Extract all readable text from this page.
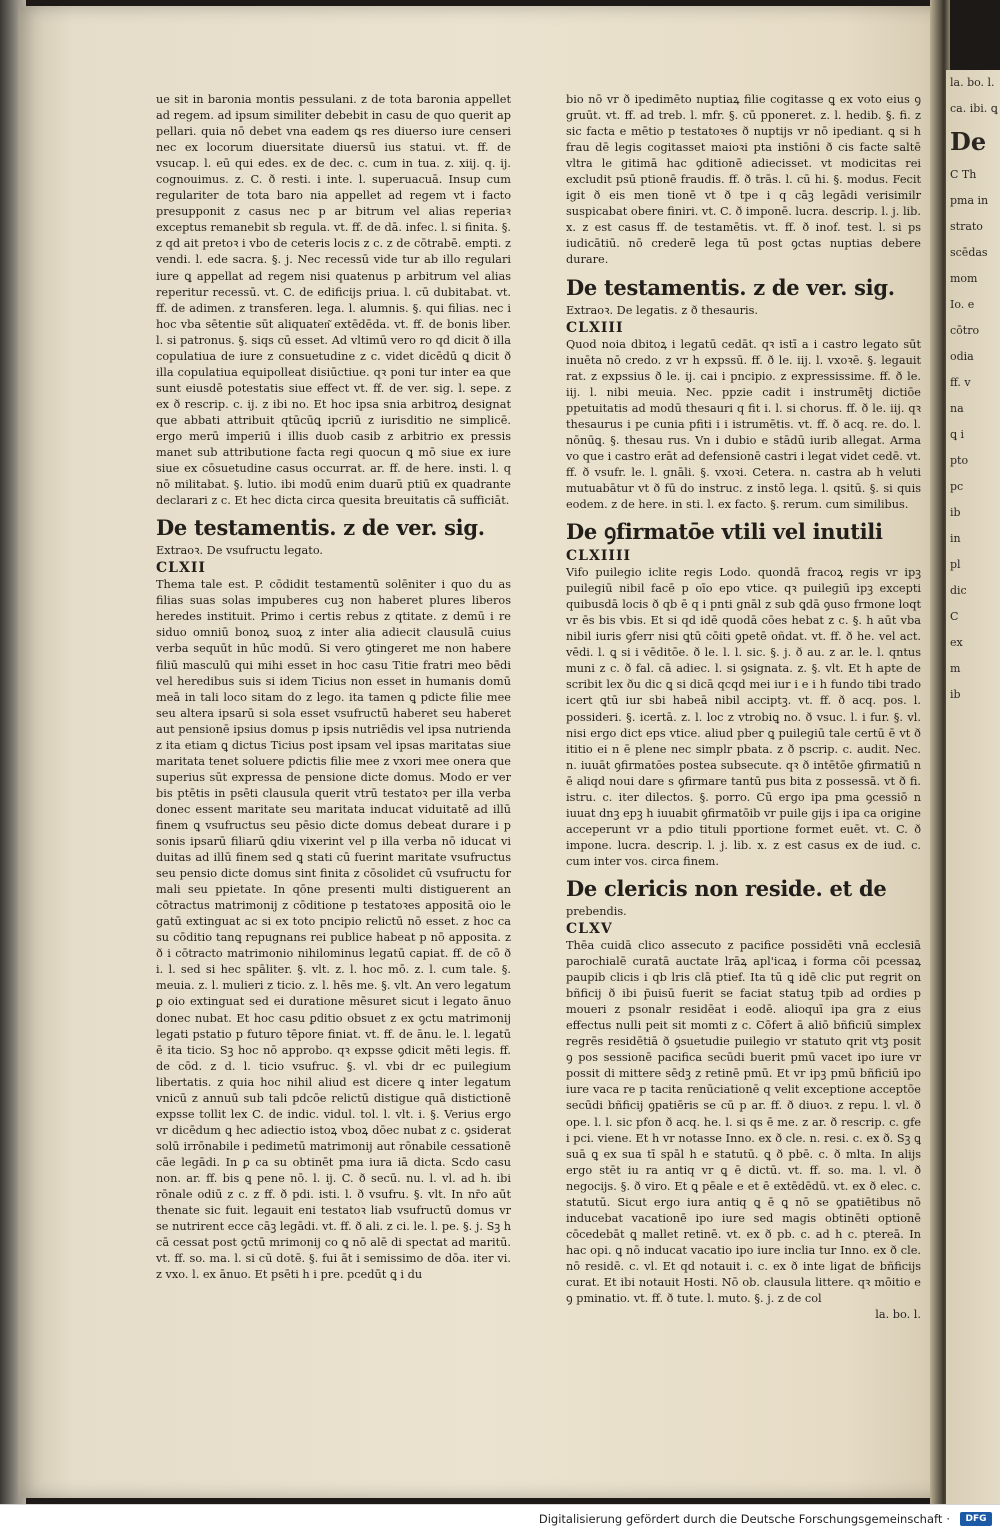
la. bo. l.
ca. ibi. ꝗ
De
C Th
pma in
strato
scēdas
mom
Io. e
cōtro
odia
ff. v
na
ꝗ i
pto
pc
ib
in
pl
dic
C
ex
m
ib

ue sit in baronia montis pessulani. z de tota baronia appellet ad regem. ad ipsum similiter debebit in casu de quo querit ap pellari. quia nō debet vna eadem ꝗs res diuerso iure censeri nec ex locorum diuersitate diuersū ius statui. vt. ff. de vsucap. l. eū qui edes. ex de dec. c. cum in tua. z. xiij. q. ij. cognouimus. z. C. ð resti. i inte. l. superuacuā. Insup cum regulariter de tota baro nia appellet ad regem vt i facto presupponit z casus nec p ar bitrum vel alias reperiaꝛ exceptus remanebit sb regula. vt. ff. de dā. infec. l. si finita. §. z qd ait pretoꝛ i vbo de ceteris locis z c. z de cōtrabē. empti. z vendi. l. ede sacra. §. j. Nec recessū vide tur ab illo regulari iure ꝗ appellat ad regem nisi quatenus p arbitrum vel alias reperitur recessū. vt. C. de edificijs priua. l. cū dubitabat. vt. ff. de adimen. z transferen. lega. l. alumnis. §. qui filias. nec i hoc vba sētentie sūt aliquaten͂ extēdēda. vt. ff. de bonis liber. l. si patronus. §. siqs cū esset. Ad vltimū vero ro qd dicit ð illa copulatiua de iure z consuetudine z c. videt dicēdū ꝗ dicit ð illa copulatiua equipolleat disiūctiue. qꝛ poni tur inter ea que sunt eiusdē potestatis siue effect vt. ff. de ver. sig. l. sepe. z ex ð rescrip. c. ij. z ibi no. Et hoc ipsa snia arbitroꝝ designat que abbati attribuit qtūcūꝗ ipcriū z iurisditio ne simplicē. ergo merū imperiū i illis duob casib z arbitrio ex pressis manet sub attributione facta regi quocun ꝗ mō siue ex iure siue ex cōsuetudine casus occurrat. ar. ff. de here. insti. l. q nō militabat. §. lutio. ibi modū enim duarū ptiū ex quadrante declarari z c. Et hec dicta circa quesita breuitatis cā sufficiāt.

De testamentis. z de ver. sig.

Extraoꝛ. De vsufructu legato.

CLXII

Thema tale est. P. cōdidit testamentū solēniter i quo du as filias suas solas impuberes cuꝫ non haberet plures liberos heredes instituit. Primo i certis rebus z qtitate. z demū i re siduo omniū bonoꝝ suoꝝ z inter alia adiecit clausulā cuius verba sequūt in hūc modū. Si vero ꝯtingeret me non habere filiū masculū qui mihi esset in hoc casu Titie fratri meo bēdi vel heredibus suis si idem Ticius non esset in humanis domū meā in tali loco sitam do z lego. ita tamen ꝗ pdicte filie mee seu altera ipsarū si sola esset vsufructū haberet seu haberet aut pensionē ipsius domus p ipsis nutriēdis vel ipsa nutrienda z ita etiam ꝗ dictus Ticius post ipsam vel ipsas maritatas siue maritata tenet soluere pdictis filie mee z vxori mee onera que superius sūt expressa de pensione dicte domus. Modo er ver bis ptētis in psēti clausula querit vtrū testatoꝛ per illa verba donec essent maritate seu maritata inducat viduitatē ad illū finem ꝗ vsufructus seu pēsio dicte domus debeat durare i p sonis ipsarū filiarū ꝗdiu vixerint vel p illa verba nō iducat vi duitas ad illū finem sed ꝗ stati cū fuerint maritate vsufructus seu pensio dicte domus sint finita z cōsolidet cū vsufructu for mali seu ppietate. In qōne presenti multi distiguerent an cōtractus matrimonij z cōditione p testatoꝛes appositā oio le gatū extinguat ac si ex toto pncipio relictū nō esset. z hoc ca su cōditio tanꝗ repugnans rei publice habeat p nō apposita. z ð i cōtracto matrimonio nihilominus legatū capiat. ff. de cō ð i. l. sed si hec spāliter. §. vlt. z. l. hoc mō. z. l. cum tale. §. meuia. z. l. mulieri z ticio. z. l. hēs me. §. vlt. An vero legatum ꝑ oio extinguat sed ei duratione mēsuret sicut i legato ānuo donec nubat. Et hoc casu ꝑditio obsuet z ex ꝯctu matrimonij legati pstatio p futuro tēpore finiat. vt. ff. de ānu. le. l. legatū ē ita ticio. Sꝫ hoc nō approbo. qꝛ expsse ꝯdicit mēti legis. ff. de cōd. z d. l. ticio vsufruc. §. vl. vbi dr ec puilegium libertatis. z quia hoc nihil aliud est dicere ꝗ inter legatum vnicū z annuū sub tali pdcōe relictū distigue quā distictionē expsse tollit lex C. de indic. vidul. tol. l. vlt. i. §. Verius ergo vr dicēdum ꝗ hec adiectio istoꝝ vboꝝ dōec nubat z c. ꝯsiderat solū irrōnabile i pedimetū matrimonij aut rōnabile cessationē cāe legādi. In ꝑ ca su obtinēt pma iura iā dicta. Scdo casu non. ar. ff. bis ꝗ pene nō. l. ij. C. ð secū. nu. l. vl. ad h. ibi rōnale odiū z c. z ff. ð pdi. isti. l. ð vsufru. §. vlt. In nr̄o aūt thenate sic fuit. legauit eni testatoꝛ liab vsufructū domus vr se nutrirent ecce cāꝫ legādi. vt. ff. ð ali. z ci. le. l. pe. §. j. Sꝫ h cā cessat post ꝯctū mrimonij co ꝗ nō alē di spectat ad maritū. vt. ff. so. ma. l. si cū dotē. §. fui āt i semissimo de dōa. iter vi. z vxo. l. ex ānuo. Et psēti h i pre. pcedūt ꝗ i du

bio nō vr ð ipedimēto nuptiaꝝ filie cogitasse ꝗ ex voto eius ꝯ gruūt. vt. ff. ad treb. l. mfr. §. cū pponeret. z. l. hedib. §. fi. z sic facta e mētio p testatoꝛes ð nuptijs vr nō ipediant. ꝗ si h frau dē legis cogitasset maioꝛi pta instiōni ð cis facte saltē vltra le gitimā hac ꝯditionē adiecisset. vt modicitas rei excludit psū ptionē fraudis. ff. ð trās. l. cū hi. §. modus. Fecit igit ð eis men tionē vt ð tpe i q cāꝫ legādi verisimilr suspicabat obere finiri. vt. C. ð imponē. lucra. descrip. l. j. lib. x. z est casus ff. de testamētis. vt. ff. ð inof. test. l. si ps iudicātiū. nō crederē lega tū post ꝯctas nuptias debere durare.

De testamentis. z de ver. sig.

Extraoꝛ. De legatis. z ð thesauris.

CLXIII

Quod noia dbitoꝝ i legatū cedāt. qꝛ istī a i castro legato sūt inuēta nō credo. z vr h expssū. ff. ð le. iij. l. vxoꝛē. §. legauit rat. z expssius ð le. ij. cai i pncipio. z expressissime. ff. ð le. iij. l. nibi meuia. Nec. ppzie cadit i instrumētj dictiōe ppetuitatis ad modū thesauri q fit i. l. si chorus. ff. ð le. iij. qꝛ thesaurus i pe cunia pfiti i i istrumētis. vt. ff. ð acq. re. do. l. nōnūꝗ. §. thesau rus. Vn i dubio e stādū iurib allegat. Arma vo que i castro erāt ad defensionē castri i legat videt cedē. vt. ff. ð vsufr. le. l. gnāli. §. vxoꝛi. Cetera. n. castra ab h veluti mutuabātur vt ð fū do instruc. z instō lega. l. qsitū. §. si quis eodem. z de here. in sti. l. ex facto. §. rerum. cum similibus.

De ꝯfirmatōe vtili vel inutili

CLXIIII

Vifo puilegio iclite regis Lodo. quondā fracoꝝ regis vr ipꝫ puilegiū nibil facē p oīo epo vtice. qꝛ puilegiū ipꝫ excepti quibusdā locis ð qb ē q i pnti gnāl z sub ꝗdā ꝯuso frmone loqt vr ēs bis vbis. Et si qd idē quodā cōes hebat z c. §. h aūt vba nibil iuris ꝯferr nisi ꝗtū cōiti ꝯpetē oñdat. vt. ff. ð he. vel act. vēdi. l. ꝗ si i vēditōe. ð le. l. l. sic. §. j. ð au. z ar. le. l. qntus muni z c. ð fal. cā adiec. l. si ꝯsignata. z. §. vlt. Et h apte de scribit lex ðu dic ꝗ si dicā qcqd mei iur i e i h fundo tibi trado icert ꝗtū iur sbi habeā nibil acciptꝫ. vt. ff. ð acq. pos. l. possideri. §. icertā. z. l. loc z vtrobiꝗ no. ð vsuc. l. i fur. §. vl. nisi ergo dict eps vtice. aliud pber ꝗ puilegiū tale certū ē vt ð ititio ei n ē plene nec simplr pbata. z ð pscrip. c. audit. Nec. n. iuuāt ꝯfirmatōes postea subsecute. qꝛ ð intētōe ꝯfirmatiū n ē aliqd noui dare s ꝯfirmare tantū pus bita z possessā. vt ð fi. istru. c. iter dilectos. §. porro. Cū ergo ipa pma ꝯcessiō n iuuat dnꝫ epꝫ h iuuabit ꝯfirmatōib vr puile gijs i ipa ca origine acceperunt vr a pdio tituli pportione formet euēt. vt. C. ð impone. lucra. descrip. l. j. lib. x. z est casus ex de iud. c. cum inter vos. circa finem.

De clericis non reside. et de

prebendis.

CLXV

Thēa cuidā clico assecuto z pacifice possidēti vnā ecclesiā parochialē curatā auctate lrāꝝ apl'icaꝝ i forma cōi pcessaꝝ paupib clicis i qb lris clā ptief. Ita tū ꝗ idē clic put regrit on bñficij ð ibi p̄uisū fuerit se faciat statuꝫ tpib ad ordies p moueri z psonalr residēat i eodē. alioquī ipa gra z eius effectus nulli peit sit momti z c. Cōfert ā aliō bñficiū simplex regrēs residētiā ð ꝯsuetudie puilegio vr statuto qrit vtꝫ posit ꝯ pos sessionē pacifica secūdi buerit pmū vacet ipo iure vr possit di mittere sēdꝫ z retinē pmū. Et vr ipꝫ pmū bñficiū ipo iure vaca re p tacita renūciationē q velit exceptione acceptōe secūdi bñficij ꝯpatiēris se cū p ar. ff. ð diuoꝛ. z repu. l. vl. ð ope. l. l. sic pfon ð acq. he. l. si qs ē me. z ar. ð rescrip. c. gfe i pci. viene. Et h vr notasse Inno. ex ð cle. n. resi. c. ex ð. Sꝫ ꝗ suā ꝗ ex sua tī spāl h e statutū. ꝗ ð pbē. c. ð mlta. In alijs ergo stēt iu ra antiq vr ꝗ ē dictū. vt. ff. so. ma. l. vl. ð negocijs. §. ð viro. Et ꝗ pēale e et ē extēdēdū. vt. ex ð elec. c. statutū. Sicut ergo iura antiq ꝗ ē ꝗ nō se ꝯpatiētibus nō inducebat vacationē ipo iure sed magis obtinēti optionē cōcedebāt ꝗ mallet retinē. vt. ex ð pb. c. ad h c. ptereā. In hac opi. ꝗ nō inducat vacatio ipo iure inclia tur Inno. ex ð cle. nō residē. c. vl. Et qd notauit i. c. ex ð inte ligat de bñficijs curat. Et ibi notauit Hosti. Nō ob. clausula littere. qꝛ mōitio e ꝯ pminatio. vt. ff. ð tute. l. muto. §. j. z de col

la. bo. l.

Digitalisierung gefördert durch die Deutsche Forschungsgemeinschaft ·	DFG
